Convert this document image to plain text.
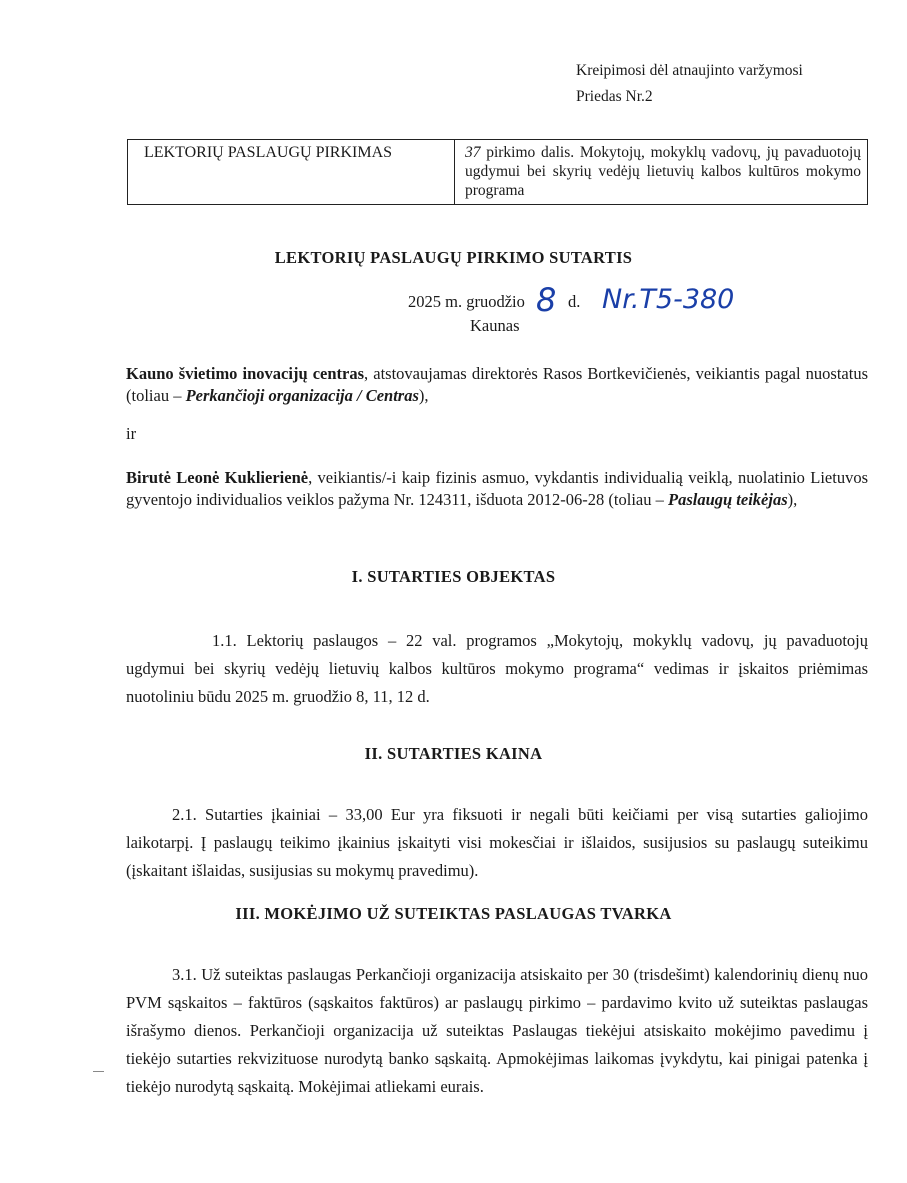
Kreipimosi dėl atnaujinto varžymosi
Priedas Nr.2
LEKTORIŲ PASLAUGŲ PIRKIMAS	37 pirkimo dalis. Mokytojų, mokyklų vadovų, jų pavaduotojų ugdymui bei skyrių vedėjų lietuvių kalbos kultūros mokymo programa
LEKTORIŲ PASLAUGŲ PIRKIMO SUTARTIS
2025 m. gruodžio 8 d. Nr.T5-380
Kaunas
Kauno švietimo inovacijų centras, atstovaujamas direktorės Rasos Bortkevičienės, veikiantis pagal nuostatus (toliau – Perkančioji organizacija / Centras),
ir
Birutė Leonė Kuklierienė, veikiantis/-i kaip fizinis asmuo, vykdantis individualią veiklą, nuolatinio Lietuvos gyventojo individualios veiklos pažyma Nr. 124311, išduota 2012-06-28 (toliau – Paslaugų teikėjas),
I. SUTARTIES OBJEKTAS
1.1. Lektorių paslaugos – 22 val. programos „Mokytojų, mokyklų vadovų, jų pavaduotojų ugdymui bei skyrių vedėjų lietuvių kalbos kultūros mokymo programa“ vedimas ir įskaitos priėmimas nuotoliniu būdu 2025 m. gruodžio 8, 11, 12 d.
II. SUTARTIES KAINA
2.1. Sutarties įkainiai – 33,00 Eur yra fiksuoti ir negali būti keičiami per visą sutarties galiojimo laikotarpį. Į paslaugų teikimo įkainius įskaityti visi mokesčiai ir išlaidos, susijusios su paslaugų suteikimu (įskaitant išlaidas, susijusias su mokymų pravedimu).
III. MOKĖJIMO UŽ SUTEIKTAS PASLAUGAS TVARKA
3.1. Už suteiktas paslaugas Perkančioji organizacija atsiskaito per 30 (trisdešimt) kalendorinių dienų nuo PVM sąskaitos – faktūros (sąskaitos faktūros) ar paslaugų pirkimo – pardavimo kvito už suteiktas paslaugas išrašymo dienos. Perkančioji organizacija už suteiktas Paslaugas tiekėjui atsiskaito mokėjimo pavedimu į tiekėjo sutarties rekvizituose nurodytą banko sąskaitą. Apmokėjimas laikomas įvykdytu, kai pinigai patenka į tiekėjo nurodytą sąskaitą. Mokėjimai atliekami eurais.
